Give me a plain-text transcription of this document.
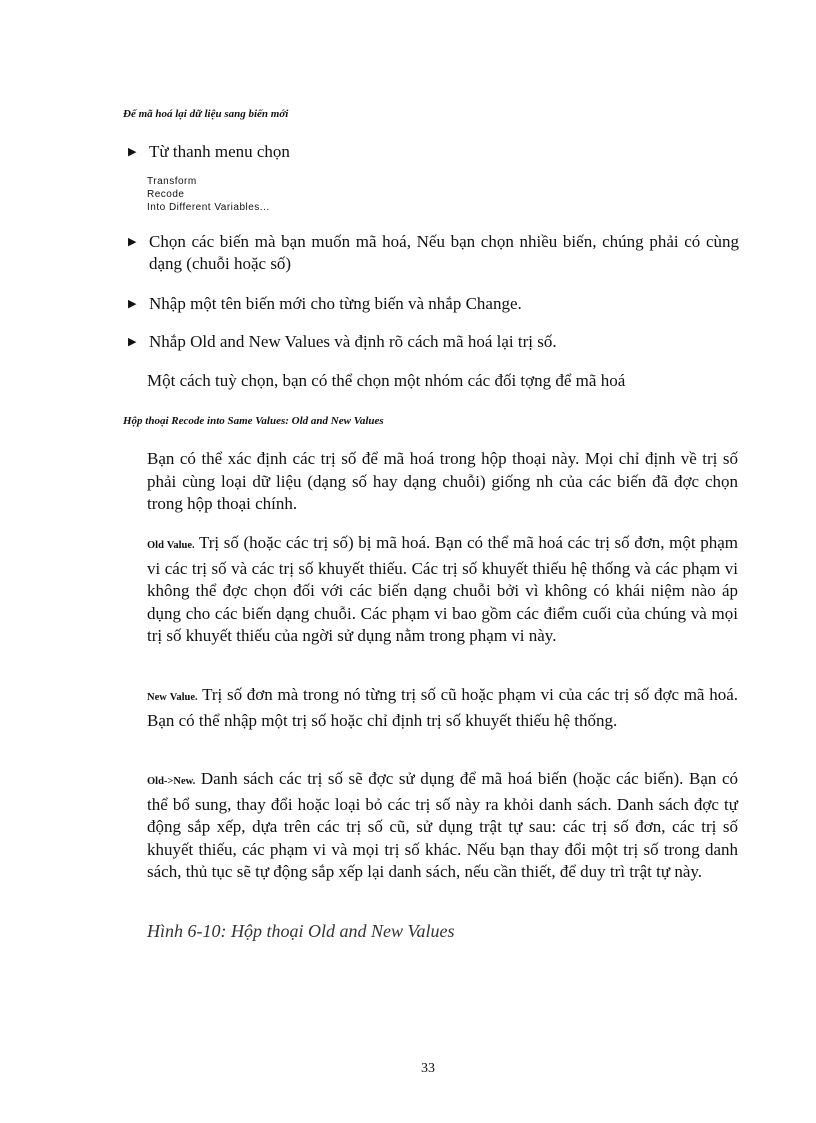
Để mã hoá lại dữ liệu sang biến mới
▶ Từ thanh menu chọn
Transform
Recode
Into Different Variables...
▶ Chọn các biến mà bạn muốn mã hoá, Nếu bạn chọn nhiều biến, chúng phải có cùng dạng (chuỗi hoặc số)
▶ Nhập một tên biến mới cho từng biến và nhắp Change.
▶ Nhắp Old and New Values và định rõ cách mã hoá lại trị số.
Một cách tuỳ chọn, bạn có thể chọn một nhóm các đối tợng để mã hoá
Hộp thoại Recode into Same Values: Old and New Values
Bạn có thể xác định các trị số để mã hoá trong hộp thoại này. Mọi chỉ định về trị số phải cùng loại dữ liệu (dạng số hay dạng chuỗi) giống nh của các biến đã đợc chọn trong hộp thoại chính.
Old Value. Trị số (hoặc các trị số) bị mã hoá. Bạn có thể mã hoá các trị số đơn, một phạm vi các trị số và các trị số khuyết thiếu. Các trị số khuyết thiếu hệ thống và các phạm vi không thể đợc chọn đối với các biến dạng chuỗi bởi vì không có khái niệm nào áp dụng cho các biến dạng chuỗi. Các phạm vi bao gồm các điểm cuối của chúng và mọi trị số khuyết thiếu của ngời sử dụng nằm trong phạm vi này.
New Value. Trị số đơn mà trong nó từng trị số cũ hoặc phạm vi của các trị số đợc mã hoá. Bạn có thể nhập một trị số hoặc chỉ định trị số khuyết thiếu hệ thống.
Old->New. Danh sách các trị số sẽ đợc sử dụng để mã hoá biến (hoặc các biến). Bạn có thể bổ sung, thay đổi hoặc loại bỏ các trị số này ra khỏi danh sách. Danh sách đợc tự động sắp xếp, dựa trên các trị số cũ, sử dụng trật tự sau: các trị số đơn, các trị số khuyết thiếu, các phạm vi và mọi trị số khác. Nếu bạn thay đổi một trị số trong danh sách, thủ tục sẽ tự động sắp xếp lại danh sách, nếu cần thiết, để duy trì trật tự này.
Hình 6-10: Hộp thoại Old and New Values
33
